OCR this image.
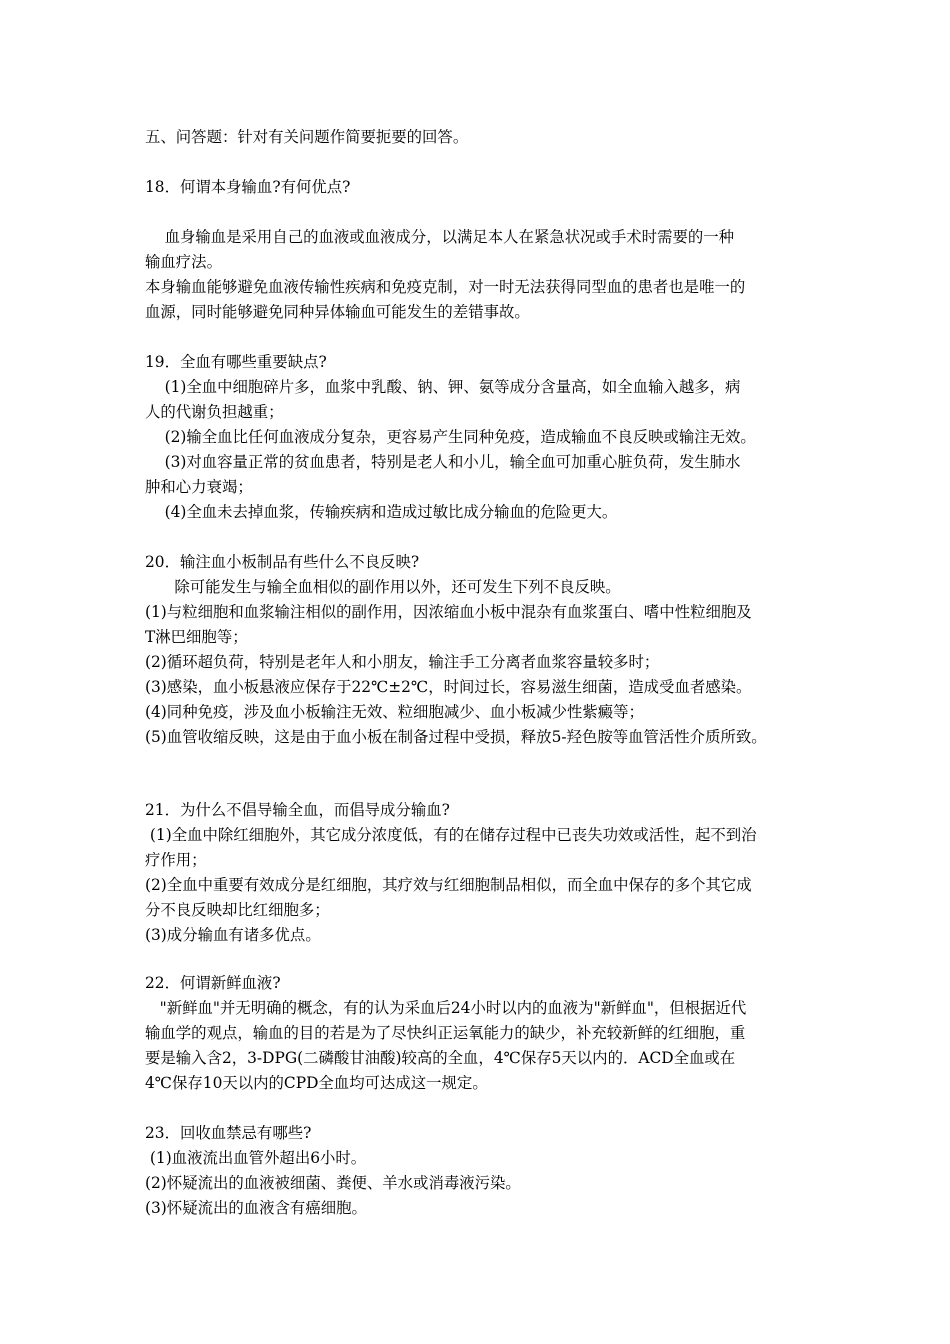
五、问答题：针对有关问题作简要扼要的回答。
18．何谓本身输血?有何优点?
血身输血是采用自己的血液或血液成分，以满足本人在紧急状况或手术时需要的一种
输血疗法。
本身输血能够避免血液传输性疾病和免疫克制，对一时无法获得同型血的患者也是唯一的
血源，同时能够避免同种异体输血可能发生的差错事故。
19．全血有哪些重要缺点?
(1)全血中细胞碎片多，血浆中乳酸、钠、钾、氨等成分含量高，如全血输入越多，病
人的代谢负担越重；
(2)输全血比任何血液成分复杂，更容易产生同种免疫，造成输血不良反映或输注无效。
(3)对血容量正常的贫血患者，特别是老人和小儿，输全血可加重心脏负荷，发生肺水
肿和心力衰竭；
(4)全血未去掉血浆，传输疾病和造成过敏比成分输血的危险更大。
20．输注血小板制品有些什么不良反映?
除可能发生与输全血相似的副作用以外，还可发生下列不良反映。
(1)与粒细胞和血浆输注相似的副作用，因浓缩血小板中混杂有血浆蛋白、嗜中性粒细胞及
T淋巴细胞等；
(2)循环超负荷，特别是老年人和小朋友，输注手工分离者血浆容量较多时；
(3)感染，血小板悬液应保存于22℃±2℃，时间过长，容易滋生细菌，造成受血者感染。
(4)同种免疫，涉及血小板输注无效、粒细胞减少、血小板减少性紫癜等；
(5)血管收缩反映，这是由于血小板在制备过程中受损，释放5-羟色胺等血管活性介质所致。
21．为什么不倡导输全血，而倡导成分输血?
(1)全血中除红细胞外，其它成分浓度低，有的在储存过程中已丧失功效或活性，起不到治
疗作用；
(2)全血中重要有效成分是红细胞，其疗效与红细胞制品相似，而全血中保存的多个其它成
分不良反映却比红细胞多；
(3)成分输血有诸多优点。
22．何谓新鲜血液?
"新鲜血"并无明确的概念，有的认为采血后24小时以内的血液为"新鲜血"，但根据近代
输血学的观点，输血的目的若是为了尽快纠正运氧能力的缺少，补充较新鲜的红细胞，重
要是输入含2，3-DPG(二磷酸甘油酸)较高的全血，4℃保存5天以内的．ACD全血或在
4℃保存10天以内的CPD全血均可达成这一规定。
23．回收血禁忌有哪些?
(1)血液流出血管外超出6小时。
(2)怀疑流出的血液被细菌、粪便、羊水或消毒液污染。
(3)怀疑流出的血液含有癌细胞。
